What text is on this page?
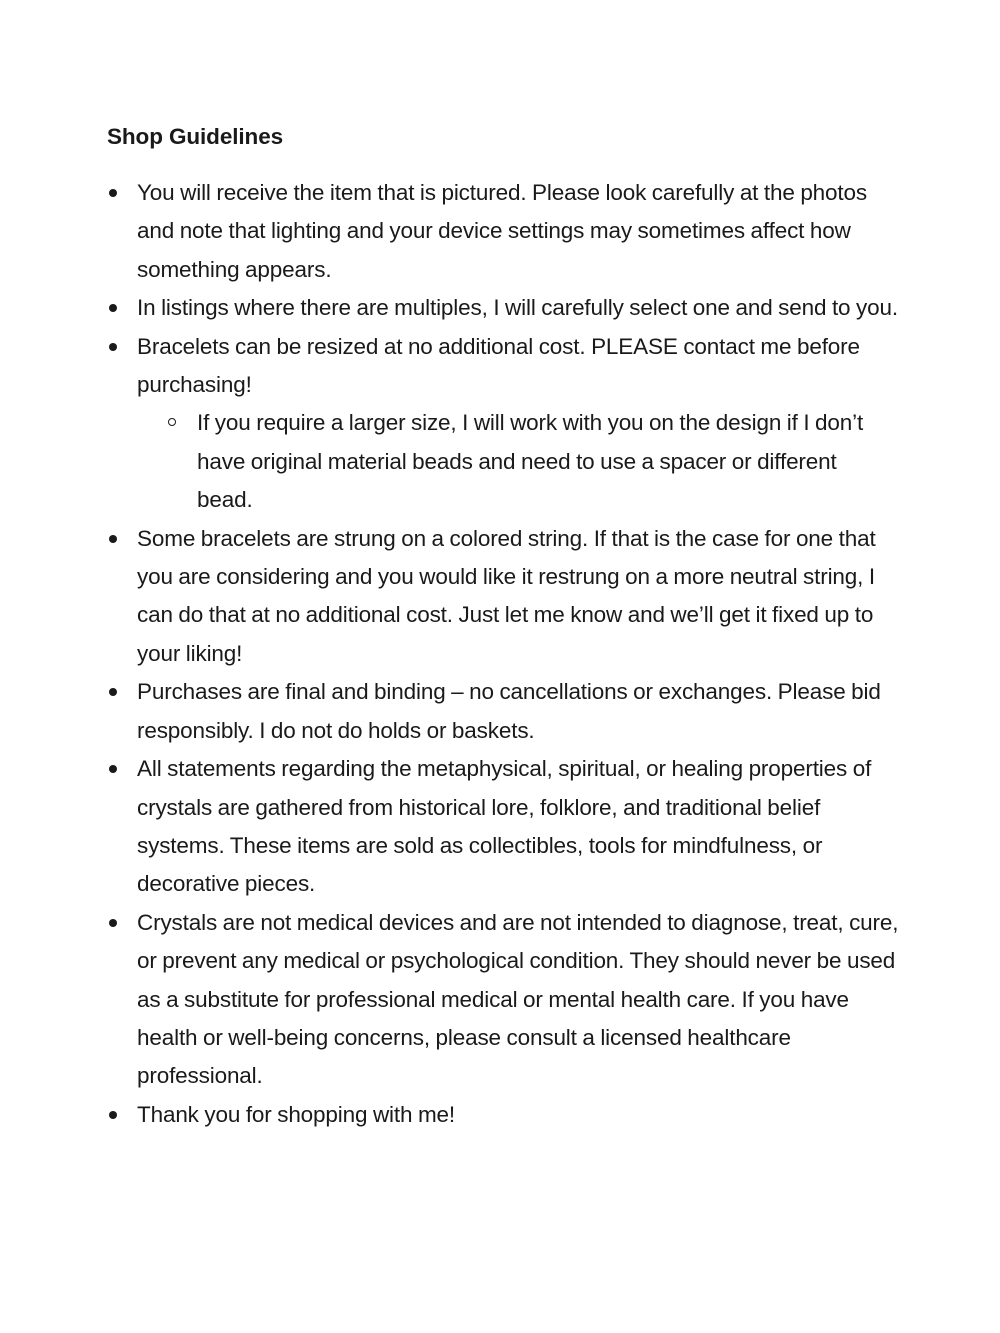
Shop Guidelines
You will receive the item that is pictured. Please look carefully at the photos and note that lighting and your device settings may sometimes affect how something appears.
In listings where there are multiples, I will carefully select one and send to you.
Bracelets can be resized at no additional cost. PLEASE contact me before purchasing!
If you require a larger size, I will work with you on the design if I don’t have original material beads and need to use a spacer or different bead.
Some bracelets are strung on a colored string. If that is the case for one that you are considering and you would like it restrung on a more neutral string, I can do that at no additional cost. Just let me know and we’ll get it fixed up to your liking!
Purchases are final and binding – no cancellations or exchanges. Please bid responsibly. I do not do holds or baskets.
All statements regarding the metaphysical, spiritual, or healing properties of crystals are gathered from historical lore, folklore, and traditional belief systems. These items are sold as collectibles, tools for mindfulness, or decorative pieces.
Crystals are not medical devices and are not intended to diagnose, treat, cure, or prevent any medical or psychological condition. They should never be used as a substitute for professional medical or mental health care. If you have health or well-being concerns, please consult a licensed healthcare professional.
Thank you for shopping with me!
